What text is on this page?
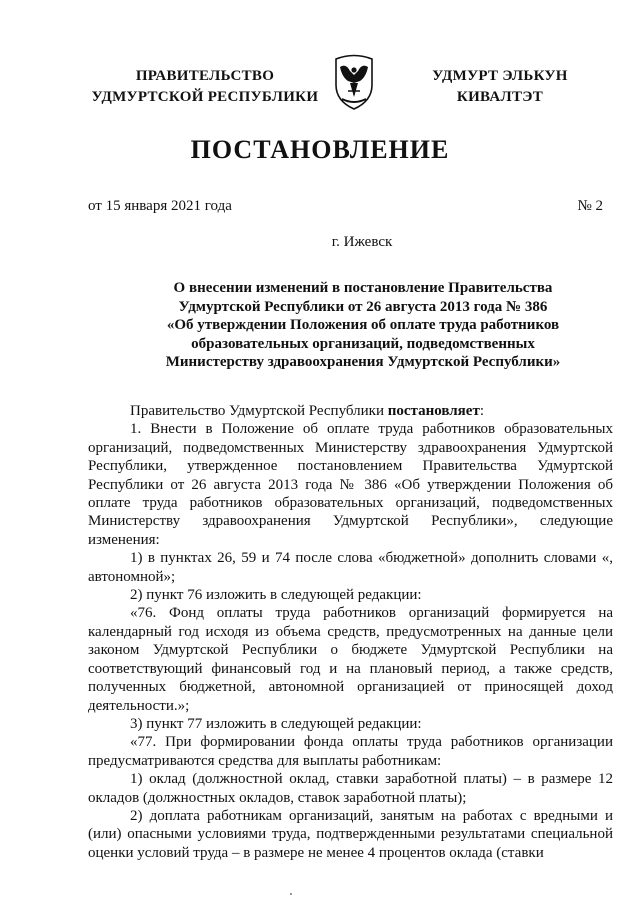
ПРАВИТЕЛЬСТВО
УДМУРТСКОЙ РЕСПУБЛИКИ
УДМУРТ ЭЛЬКУН
КИВАЛТЭТ
ПОСТАНОВЛЕНИЕ
от 15 января 2021 года	№ 2
г. Ижевск
О внесении изменений в постановление Правительства
Удмуртской Республики от 26 августа 2013 года № 386
«Об утверждении Положения об оплате труда работников
образовательных организаций, подведомственных
Министерству здравоохранения Удмуртской Республики»

Правительство Удмуртской Республики постановляет:

1. Внести в Положение об оплате труда работников образовательных организаций, подведомственных Министерству здравоохранения Удмуртской Республики, утвержденное постановлением Правительства Удмуртской Республики от 26 августа 2013 года № 386 «Об утверждении Положения об оплате труда работников образовательных организаций, подведомственных Министерству здравоохранения Удмуртской Республики», следующие изменения:

1) в пунктах 26, 59 и 74 после слова «бюджетной» дополнить словами «, автономной»;

2) пункт 76 изложить в следующей редакции:

«76. Фонд оплаты труда работников организаций формируется на календарный год исходя из объема средств, предусмотренных на данные цели законом Удмуртской Республики о бюджете Удмуртской Республики на соответствующий финансовый год и на плановый период, а также средств, полученных бюджетной, автономной организацией от приносящей доход деятельности.»;

3) пункт 77 изложить в следующей редакции:

«77. При формировании фонда оплаты труда работников организации предусматриваются средства для выплаты работникам:

1) оклад (должностной оклад, ставки заработной платы) – в размере 12 окладов (должностных окладов, ставок заработной платы);

2) доплата работникам организаций, занятым на работах с вредными и (или) опасными условиями труда, подтвержденными результатами специальной оценки условий труда – в размере не менее 4 процентов оклада (ставки
